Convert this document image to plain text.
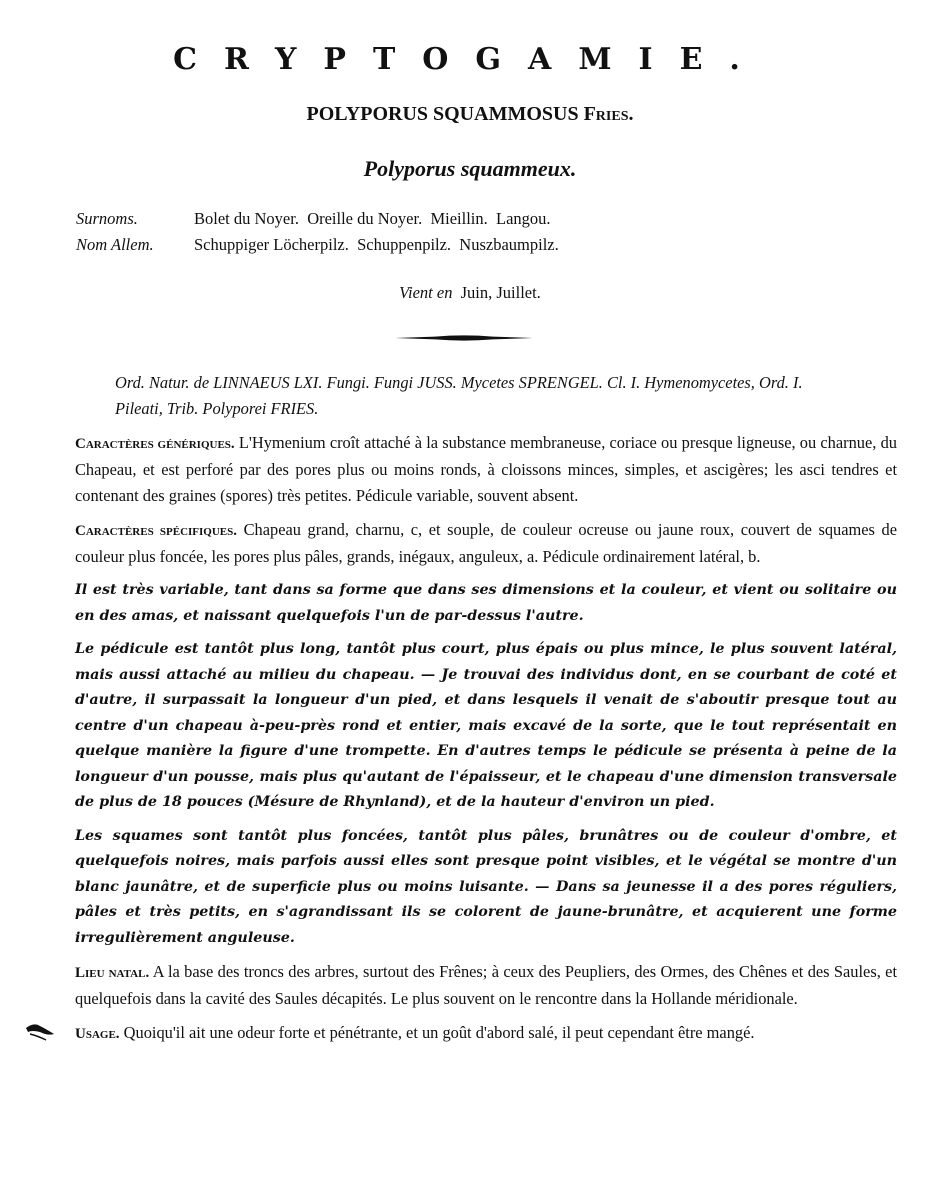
CRYPTOGAMIE.
POLYPORUS SQUAMMOSUS Fries.
Polyporus squammeux.
Surnoms.	Bolet du Noyer.  Oreille du Noyer.  Mieillin.  Langou.
Nom Allem.	Schuppiger Löcherpilz.  Schuppenpilz.  Nuszbaumpilz.
Vient en Juin, Juillet.
Ord. Natur. de LINNAEUS LXI. Fungi. Fungi JUSS. Mycetes SPRENGEL. Cl. I. Hymenomycetes, Ord. I. Pileati, Trib. Polyporei FRIES.

Caractères génériques. L'Hymenium croît attaché à la substance membraneuse, coriace ou presque ligneuse, ou charnue, du Chapeau, et est perforé par des pores plus ou moins ronds, à cloissons minces, simples, et ascigères; les asci tendres et contenant des graines (spores) très petites. Pédicule variable, souvent absent.

Caractères spécifiques. Chapeau grand, charnu, c, et souple, de couleur ocreuse ou jaune roux, couvert de squames de couleur plus foncée, les pores plus pâles, grands, inégaux, anguleux, a. Pédicule ordinairement latéral, b.

Il est très variable, tant dans sa forme que dans ses dimensions et la couleur, et vient ou solitaire ou en des amas, et naissant quelquefois l'un de par-dessus l'autre.

Le pédicule est tantôt plus long, tantôt plus court, plus épais ou plus mince, le plus souvent latéral, mais aussi attaché au milieu du chapeau. — Je trouvai des individus dont, en se courbant de coté et d'autre, il surpassait la longueur d'un pied, et dans lesquels il venait de s'aboutir presque tout au centre d'un chapeau à-peu-près rond et entier, mais excavé de la sorte, que le tout représentait en quelque manière la figure d'une trompette. En d'autres temps le pédicule se présenta à peine de la longueur d'un pousse, mais plus qu'autant de l'épaisseur, et le chapeau d'une dimension transversale de plus de 18 pouces (Mésure de Rhynland), et de la hauteur d'environ un pied.

Les squames sont tantôt plus foncées, tantôt plus pâles, brunâtres ou de couleur d'ombre, et quelquefois noires, mais parfois aussi elles sont presque point visibles, et le végétal se montre d'un blanc jaunâtre, et de superficie plus ou moins luisante. — Dans sa jeunesse il a des pores réguliers, pâles et très petits, en s'agrandissant ils se colorent de jaune-brunâtre, et acquierent une forme irregulièrement anguleuse.

Lieu natal. A la base des troncs des arbres, surtout des Frênes; à ceux des Peupliers, des Ormes, des Chênes et des Saules, et quelquefois dans la cavité des Saules décapités. Le plus souvent on le rencontre dans la Hollande méridionale.

Usage. Quoiqu'il ait une odeur forte et pénétrante, et un goût d'abord salé, il peut cependant être mangé.
